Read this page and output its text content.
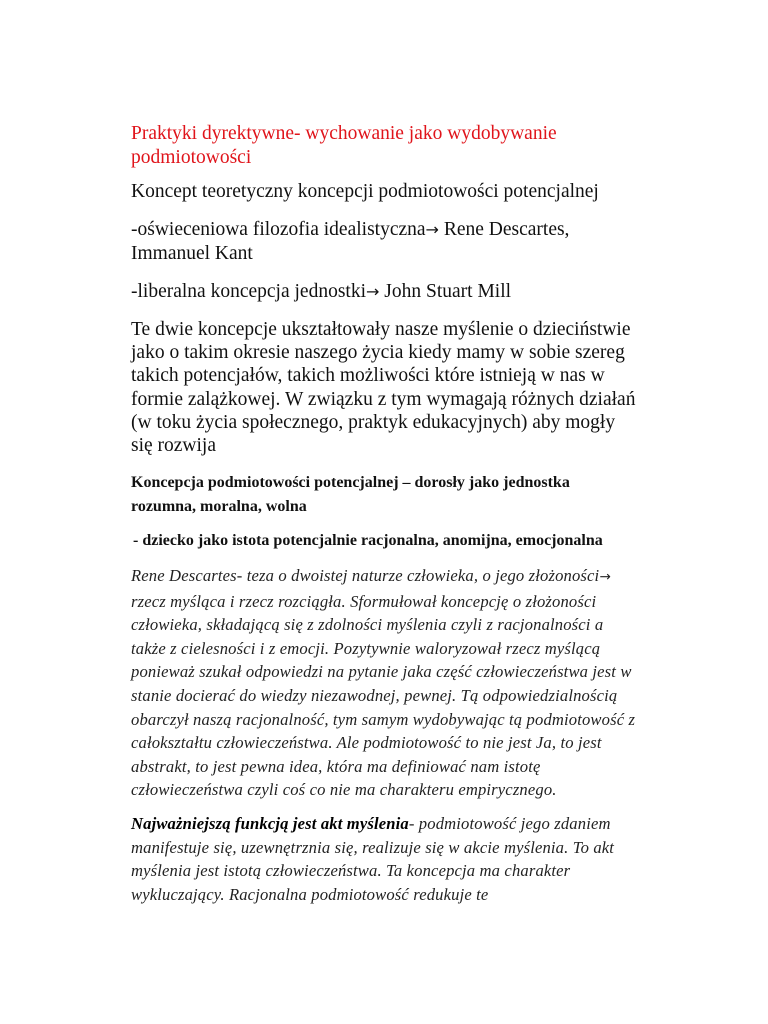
Praktyki dyrektywne- wychowanie jako wydobywanie podmiotowości

Koncept teoretyczny koncepcji podmiotowości potencjalnej

-oświeceniowa filozofia idealistyczna→ Rene Descartes, Immanuel Kant

-liberalna koncepcja jednostki→ John Stuart Mill

Te dwie koncepcje ukształtowały nasze myślenie o dzieciństwie jako o takim okresie naszego życia kiedy mamy w sobie szereg takich potencjałów, takich możliwości które istnieją w nas w formie zalążkowej. W związku z tym wymagają różnych działań (w toku życia społecznego, praktyk edukacyjnych) aby mogły się rozwija

Koncepcja podmiotowości potencjalnej – dorosły jako jednostka rozumna, moralna, wolna

- dziecko jako istota potencjalnie racjonalna, anomijna, emocjonalna

Rene Descartes- teza o dwoistej naturze człowieka, o jego złożoności→ rzecz myśląca i rzecz rozciągła. Sformułował koncepcję o złożoności człowieka, składającą się z zdolności myślenia czyli z racjonalności a także z cielesności i z emocji. Pozytywnie waloryzował rzecz myślącą ponieważ szukał odpowiedzi na pytanie jaka część człowieczeństwa jest w stanie docierać do wiedzy niezawodnej, pewnej. Tą odpowiedzialnością obarczył naszą racjonalność, tym samym wydobywając tą podmiotowość z całokształtu człowieczeństwa. Ale podmiotowość to nie jest Ja, to jest abstrakt, to jest pewna idea, która ma definiować nam istotę człowieczeństwa czyli coś co nie ma charakteru empirycznego.

Najważniejszą funkcją jest akt myślenia- podmiotowość jego zdaniem manifestuje się, uzewnętrznia się, realizuje się w akcie myślenia. To akt myślenia jest istotą człowieczeństwa. Ta koncepcja ma charakter wykluczający. Racjonalna podmiotowość redukuje te
